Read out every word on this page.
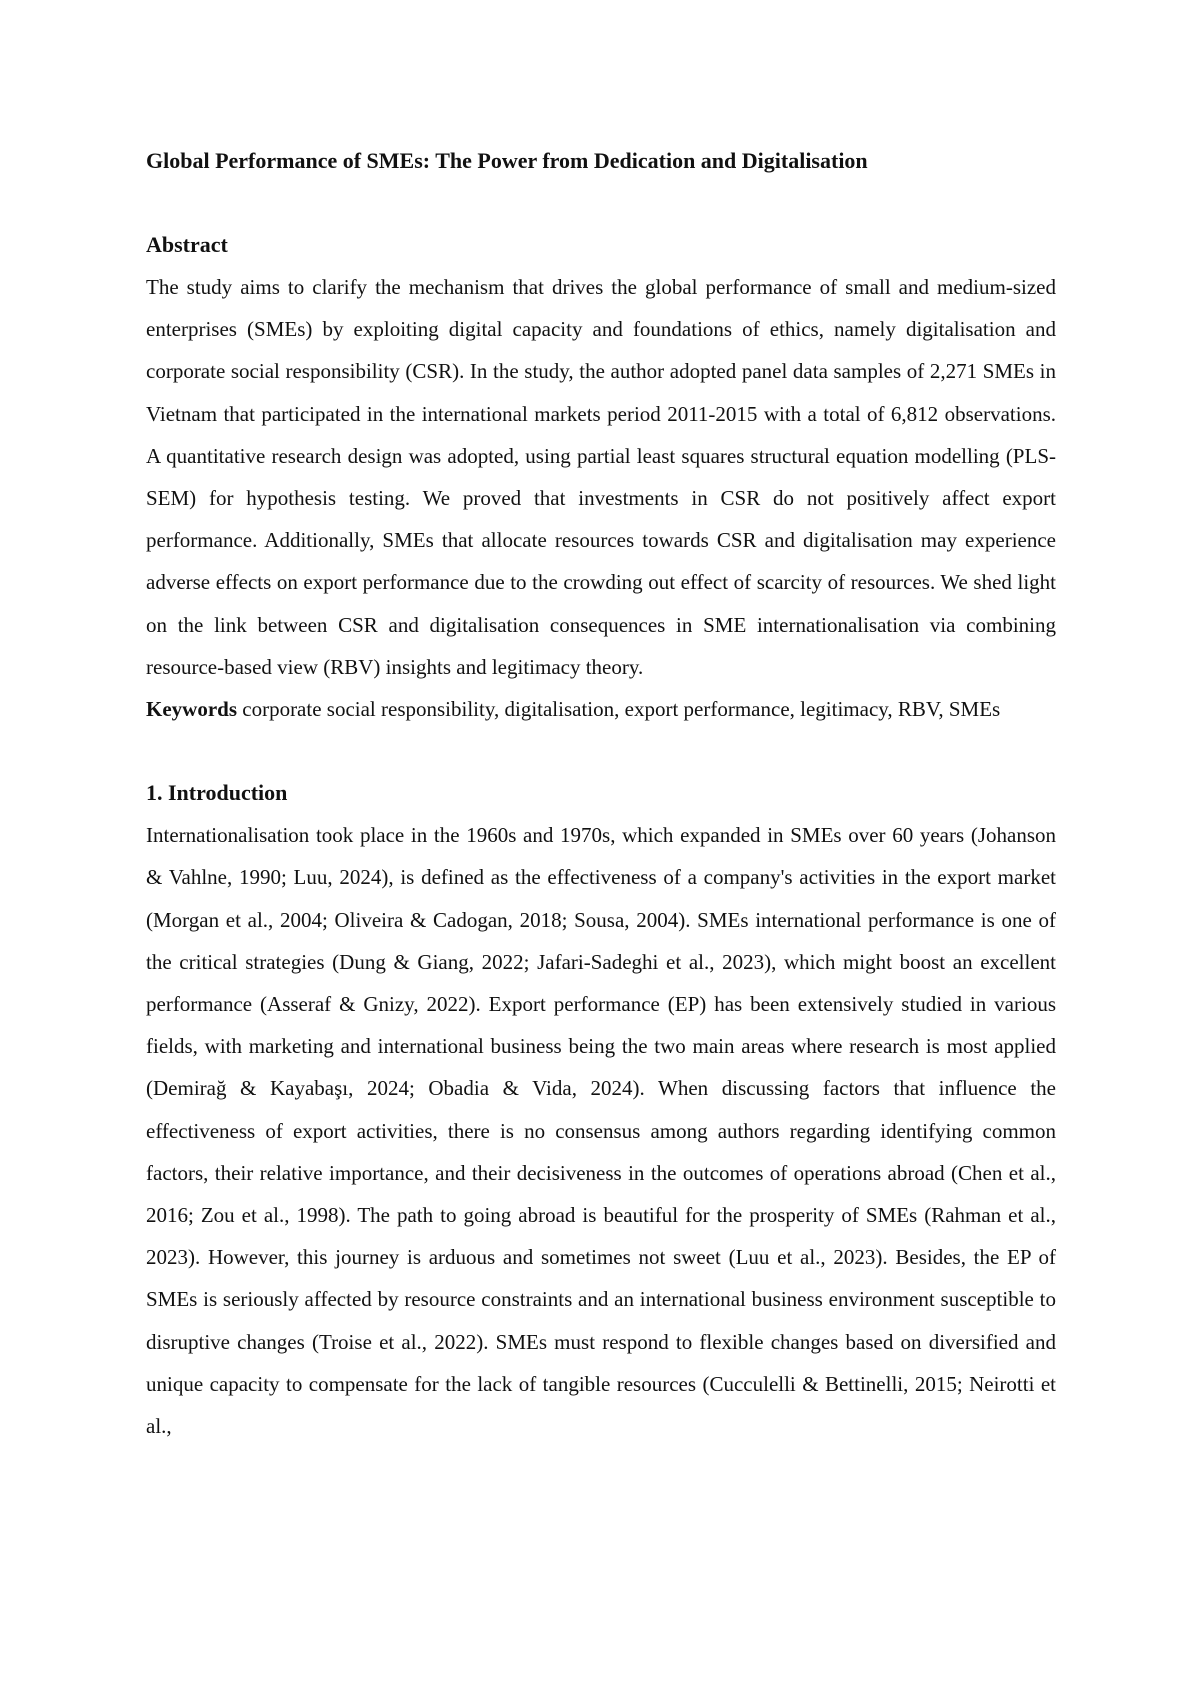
Global Performance of SMEs: The Power from Dedication and Digitalisation
Abstract

The study aims to clarify the mechanism that drives the global performance of small and medium-sized enterprises (SMEs) by exploiting digital capacity and foundations of ethics, namely digitalisation and corporate social responsibility (CSR). In the study, the author adopted panel data samples of 2,271 SMEs in Vietnam that participated in the international markets period 2011-2015 with a total of 6,812 observations. A quantitative research design was adopted, using partial least squares structural equation modelling (PLS-SEM) for hypothesis testing. We proved that investments in CSR do not positively affect export performance. Additionally, SMEs that allocate resources towards CSR and digitalisation may experience adverse effects on export performance due to the crowding out effect of scarcity of resources. We shed light on the link between CSR and digitalisation consequences in SME internationalisation via combining resource-based view (RBV) insights and legitimacy theory.

Keywords corporate social responsibility, digitalisation, export performance, legitimacy, RBV, SMEs

1. Introduction

Internationalisation took place in the 1960s and 1970s, which expanded in SMEs over 60 years (Johanson & Vahlne, 1990; Luu, 2024), is defined as the effectiveness of a company's activities in the export market (Morgan et al., 2004; Oliveira & Cadogan, 2018; Sousa, 2004). SMEs international performance is one of the critical strategies (Dung & Giang, 2022; Jafari-Sadeghi et al., 2023), which might boost an excellent performance (Asseraf & Gnizy, 2022). Export performance (EP) has been extensively studied in various fields, with marketing and international business being the two main areas where research is most applied (Demirağ & Kayabaşı, 2024; Obadia & Vida, 2024). When discussing factors that influence the effectiveness of export activities, there is no consensus among authors regarding identifying common factors, their relative importance, and their decisiveness in the outcomes of operations abroad (Chen et al., 2016; Zou et al., 1998). The path to going abroad is beautiful for the prosperity of SMEs (Rahman et al., 2023). However, this journey is arduous and sometimes not sweet (Luu et al., 2023). Besides, the EP of SMEs is seriously affected by resource constraints and an international business environment susceptible to disruptive changes (Troise et al., 2022). SMEs must respond to flexible changes based on diversified and unique capacity to compensate for the lack of tangible resources (Cucculelli & Bettinelli, 2015; Neirotti et al.,
